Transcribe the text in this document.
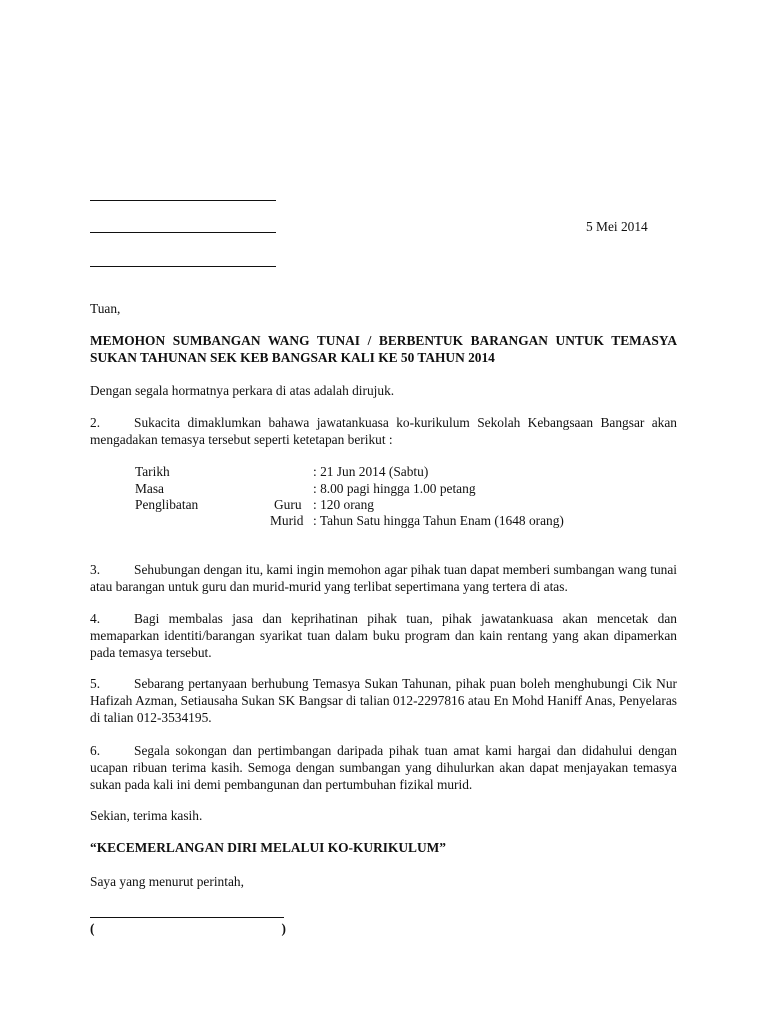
5 Mei 2014
Tuan,
MEMOHON SUMBANGAN WANG TUNAI / BERBENTUK BARANGAN UNTUK TEMASYA SUKAN TAHUNAN SEK KEB BANGSAR KALI KE 50 TAHUN 2014
Dengan segala hormatnya perkara di atas adalah dirujuk.
2.	Sukacita dimaklumkan bahawa jawatankuasa ko-kurikulum Sekolah Kebangsaan Bangsar akan mengadakan temasya tersebut seperti ketetapan berikut :
Tarikh	: 21 Jun 2014 (Sabtu)
Masa	: 8.00 pagi hingga 1.00 petang
Penglibatan	Guru : 120 orang
Murid : Tahun Satu hingga Tahun Enam (1648 orang)
3.	Sehubungan dengan itu, kami ingin memohon agar pihak tuan dapat memberi sumbangan wang tunai atau barangan untuk guru dan murid-murid yang terlibat sepertimana yang tertera di atas.
4.	Bagi membalas jasa dan keprihatinan pihak tuan, pihak jawatankuasa akan mencetak dan memaparkan identiti/barangan syarikat tuan dalam buku program dan kain rentang yang akan dipamerkan pada temasya tersebut.
5.	Sebarang pertanyaan berhubung Temasya Sukan Tahunan, pihak puan boleh menghubungi Cik Nur Hafizah Azman, Setiausaha Sukan SK Bangsar di talian 012-2297816 atau En Mohd Haniff Anas, Penyelaras di talian 012-3534195.
6.	Segala sokongan dan pertimbangan daripada pihak tuan amat kami hargai dan didahului dengan ucapan ribuan terima kasih. Semoga dengan sumbangan yang dihulurkan akan dapat menjayakan temasya sukan pada kali ini demi pembangunan dan pertumbuhan fizikal murid.
Sekian, terima kasih.
“KECEMERLANGAN DIRI MELALUI KO-KURIKULUM”
Saya yang menurut perintah,
(	)
